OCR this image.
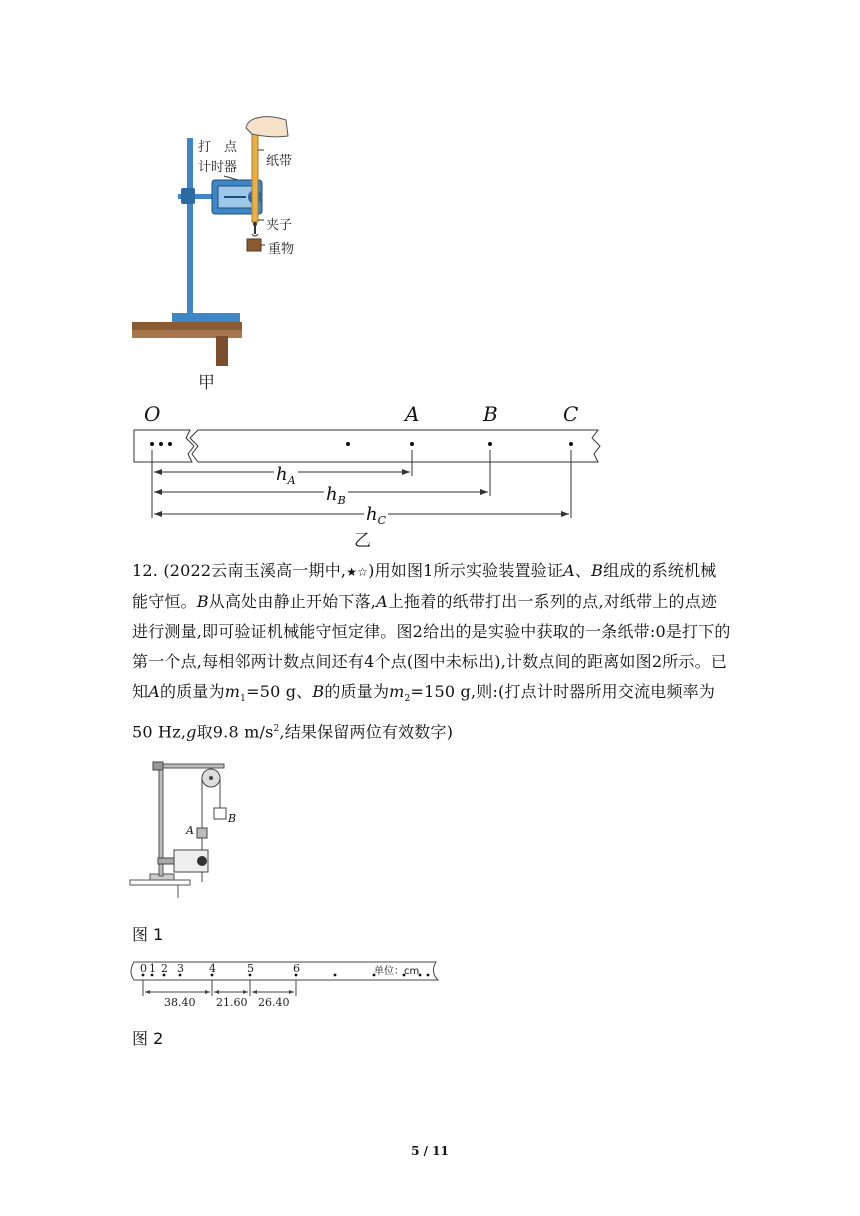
打　点
计时器 纸带
夹子
重物
甲
O	A	B	C
$h_A$
$h_B$
$h_C$
乙
12. (2022云南玉溪高一期中,★☆)用如图1所示实验装置验证A、B组成的系统机械能守恒。B从高处由静止开始下落,A上拖着的纸带打出一系列的点,对纸带上的点迹进行测量,即可验证机械能守恒定律。图2给出的是实验中获取的一条纸带:0是打下的第一个点,每相邻两计数点间还有4个点(图中未标出),计数点间的距离如图2所示。已知A的质量为$m_1=50$ g、B的质量为$m_2=150$ g,则:(打点计时器所用交流电频率为50 Hz,g取9.8 $m/s^2$,结果保留两位有效数字)
A
B
图 1
0 1 2 3 4	5	6	单位：cm
38.40 21.60 26.40
图 2
5 / 11
